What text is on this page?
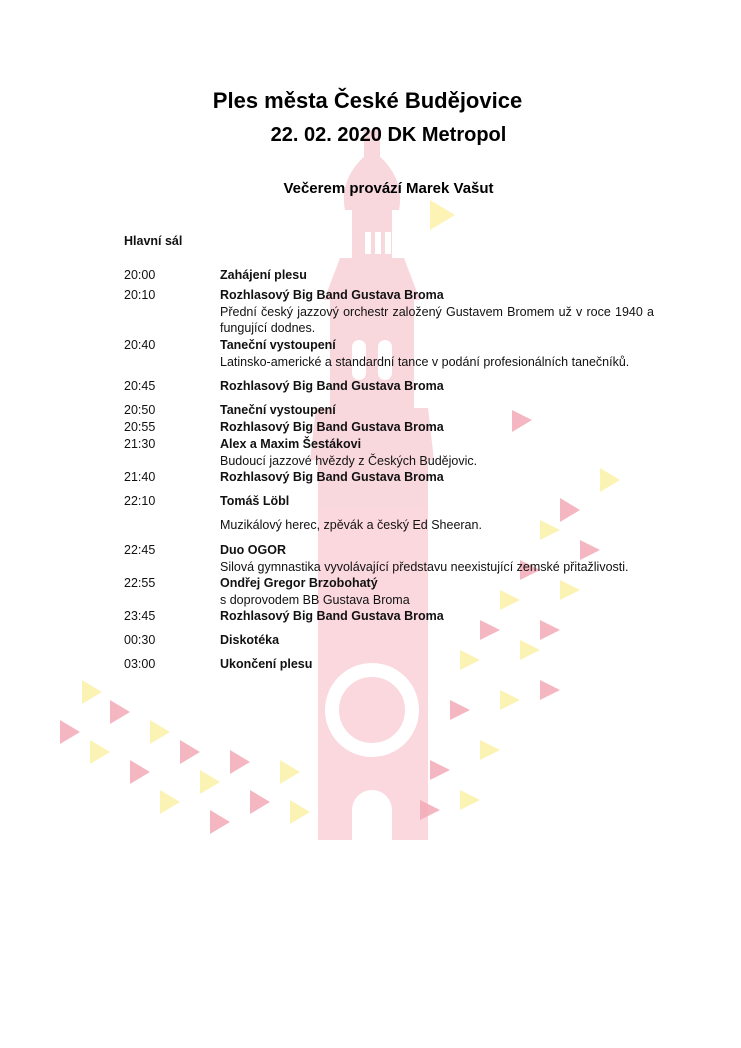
Ples města České Budějovice
22. 02. 2020 DK Metropol
Večerem provází Marek Vašut
Hlavní sál
20:00	Zahájení plesu
20:10	Rozhlasový Big Band Gustava Broma
Přední český jazzový orchestr založený Gustavem Bromem už v roce 1940 a fungující dodnes.
20:40	Taneční vystoupení
Latinsko-americké a standardní tance v podání profesionálních tanečníků.
20:45	Rozhlasový Big Band Gustava Broma
20:50	Taneční vystoupení
20:55	Rozhlasový Big Band Gustava Broma
21:30	Alex a Maxim Šestákovi
Budoucí jazzové hvězdy z Českých Budějovic.
21:40	Rozhlasový Big Band Gustava Broma
22:10	Tomáš Löbl
Muzikálový herec, zpěvák a český Ed Sheeran.
22:45	Duo OGOR
Silová gymnastika vyvolávající představu neexistující zemské přitažlivosti.
22:55	Ondřej Gregor Brzobohatý
s doprovodem BB Gustava Broma
23:45	Rozhlasový Big Band Gustava Broma
00:30	Diskotéka
03:00	Ukončení plesu
